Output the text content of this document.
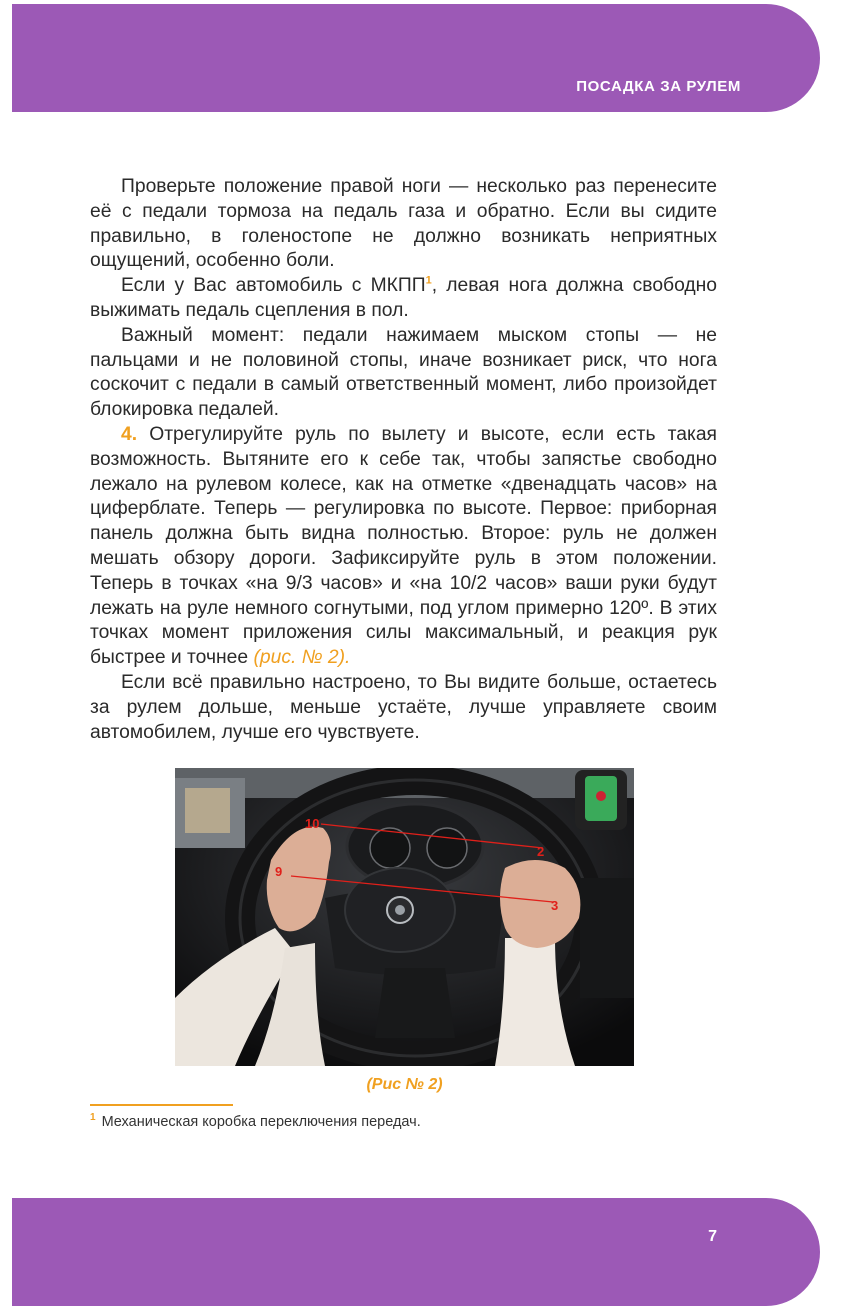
ПОСАДКА ЗА РУЛЕМ

Проверьте положение правой ноги — несколько раз перенесите её с педали тормоза на педаль газа и обратно. Если вы сидите правильно, в голеностопе не должно возникать неприятных ощущений, особенно боли.

Если у Вас автомобиль с МКПП$^1$, левая нога должна свободно выжимать педаль сцепления в пол.

Важный момент: педали нажимаем мыском стопы — не пальцами и не половиной стопы, иначе возникает риск, что нога соскочит с педали в самый ответственный момент, либо произойдет блокировка педалей.

4. Отрегулируйте руль по вылету и высоте, если есть такая возможность. Вытяните его к себе так, чтобы запястье свободно лежало на рулевом колесе, как на отметке «двенадцать часов» на циферблате. Теперь — регулировка по высоте. Первое: приборная панель должна быть видна полностью. Второе: руль не должен мешать обзору дороги. Зафиксируйте руль в этом положении. Теперь в точках «на 9/3 часов» и «на 10/2 часов» ваши руки будут лежать на руле немного согнутыми, под углом примерно 120º. В этих точках момент приложения силы максимальный, и реакция рук быстрее и точнее (рис. № 2).

Если всё правильно настроено, то Вы видите больше, остаетесь за рулем дольше, меньше устаёте, лучше управляете своим автомобилем, лучше его чувствуете.

10
2
9
3
(Рис № 2)
$^1$ Механическая коробка переключения передач.
7
